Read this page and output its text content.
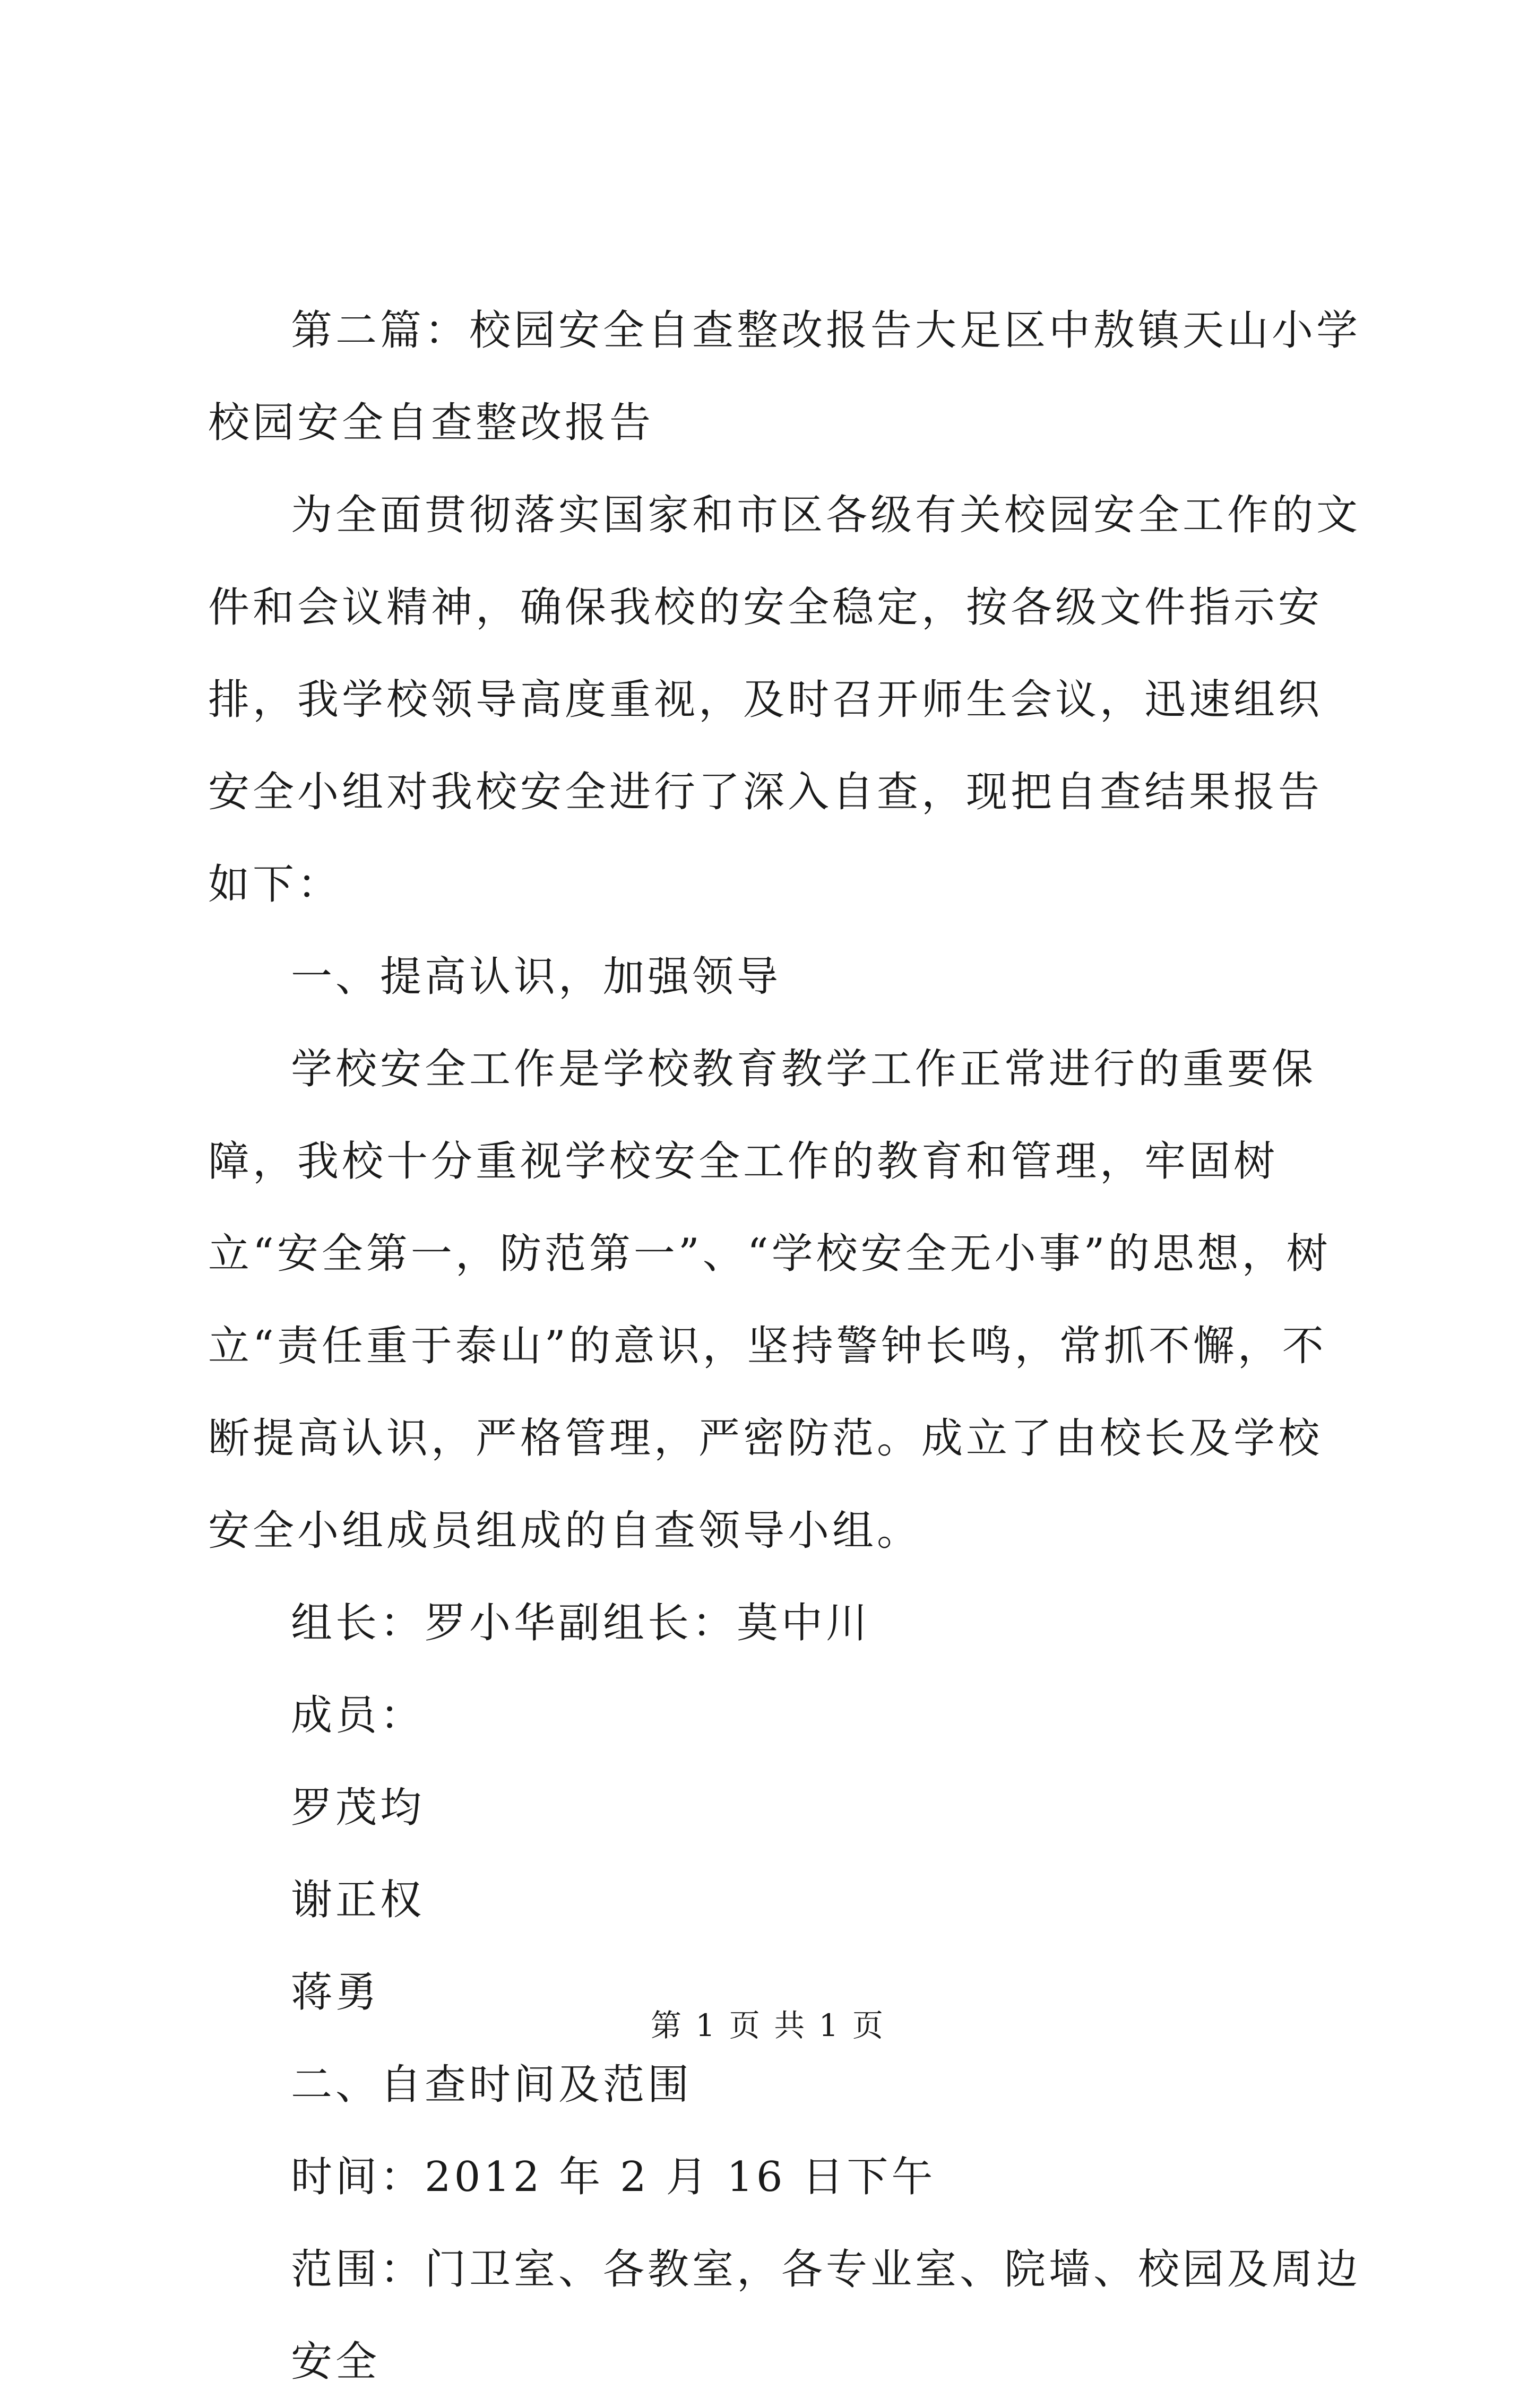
第二篇：校园安全自查整改报告大足区中敖镇天山小学校园安全自查整改报告

为全面贯彻落实国家和市区各级有关校园安全工作的文件和会议精神，确保我校的安全稳定，按各级文件指示安排，我学校领导高度重视，及时召开师生会议，迅速组织安全小组对我校安全进行了深入自查，现把自查结果报告如下：

一、提高认识，加强领导

学校安全工作是学校教育教学工作正常进行的重要保障，我校十分重视学校安全工作的教育和管理，牢固树立“安全第一，防范第一”、“学校安全无小事”的思想，树立“责任重于泰山”的意识，坚持警钟长鸣，常抓不懈，不断提高认识，严格管理，严密防范。成立了由校长及学校安全小组成员组成的自查领导小组。

组长：罗小华副组长：莫中川

成员：

罗茂均

谢正权

蒋勇

二、自查时间及范围

时间：2012 年 2 月 16 日下午

范围：门卫室、各教室，各专业室、院墙、校园及周边安全

第 1 页 共 1 页
